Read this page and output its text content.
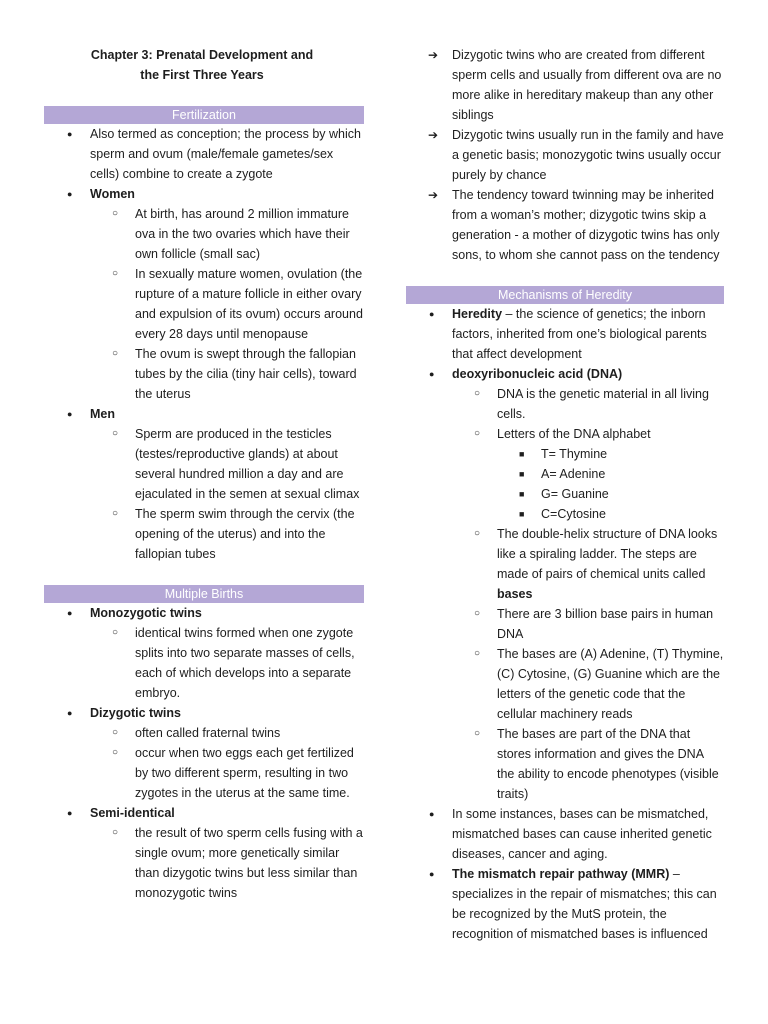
Chapter 3: Prenatal Development and
the First Three Years
Fertilization
● Also termed as conception; the process by which sperm and ovum (male/female gametes/sex cells) combine to create a zygote
● Women
○ At birth, has around 2 million immature ova in the two ovaries which have their own follicle (small sac)
○ In sexually mature women, ovulation (the rupture of a mature follicle in either ovary and expulsion of its ovum) occurs around every 28 days until menopause
○ The ovum is swept through the fallopian tubes by the cilia (tiny hair cells), toward the uterus
● Men
○ Sperm are produced in the testicles (testes/reproductive glands) at about several hundred million a day and are ejaculated in the semen at sexual climax
○ The sperm swim through the cervix (the opening of the uterus) and into the fallopian tubes
Multiple Births
● Monozygotic twins
○ identical twins formed when one zygote splits into two separate masses of cells, each of which develops into a separate embryo.
● Dizygotic twins
○ often called fraternal twins
○ occur when two eggs each get fertilized by two different sperm, resulting in two zygotes in the uterus at the same time.
● Semi-identical
○ the result of two sperm cells fusing with a single ovum; more genetically similar than dizygotic twins but less similar than monozygotic twins
➔ Dizygotic twins who are created from different sperm cells and usually from different ova are no more alike in hereditary makeup than any other siblings
➔ Dizygotic twins usually run in the family and have a genetic basis; monozygotic twins usually occur purely by chance
➔ The tendency toward twinning may be inherited from a woman’s mother; dizygotic twins skip a generation - a mother of dizygotic twins has only sons, to whom she cannot pass on the tendency
Mechanisms of Heredity
● Heredity – the science of genetics; the inborn factors, inherited from one’s biological parents that affect development
● deoxyribonucleic acid (DNA)
○ DNA is the genetic material in all living cells.
○ Letters of the DNA alphabet
■ T= Thymine
■ A= Adenine
■ G= Guanine
■ C=Cytosine
○ The double-helix structure of DNA looks like a spiraling ladder. The steps are made of pairs of chemical units called bases
○ There are 3 billion base pairs in human DNA
○ The bases are (A) Adenine, (T) Thymine, (C) Cytosine, (G) Guanine which are the letters of the genetic code that the cellular machinery reads
○ The bases are part of the DNA that stores information and gives the DNA the ability to encode phenotypes (visible traits)
● In some instances, bases can be mismatched, mismatched bases can cause inherited genetic diseases, cancer and aging.
● The mismatch repair pathway (MMR) – specializes in the repair of mismatches; this can be recognized by the MutS protein, the recognition of mismatched bases is influenced
